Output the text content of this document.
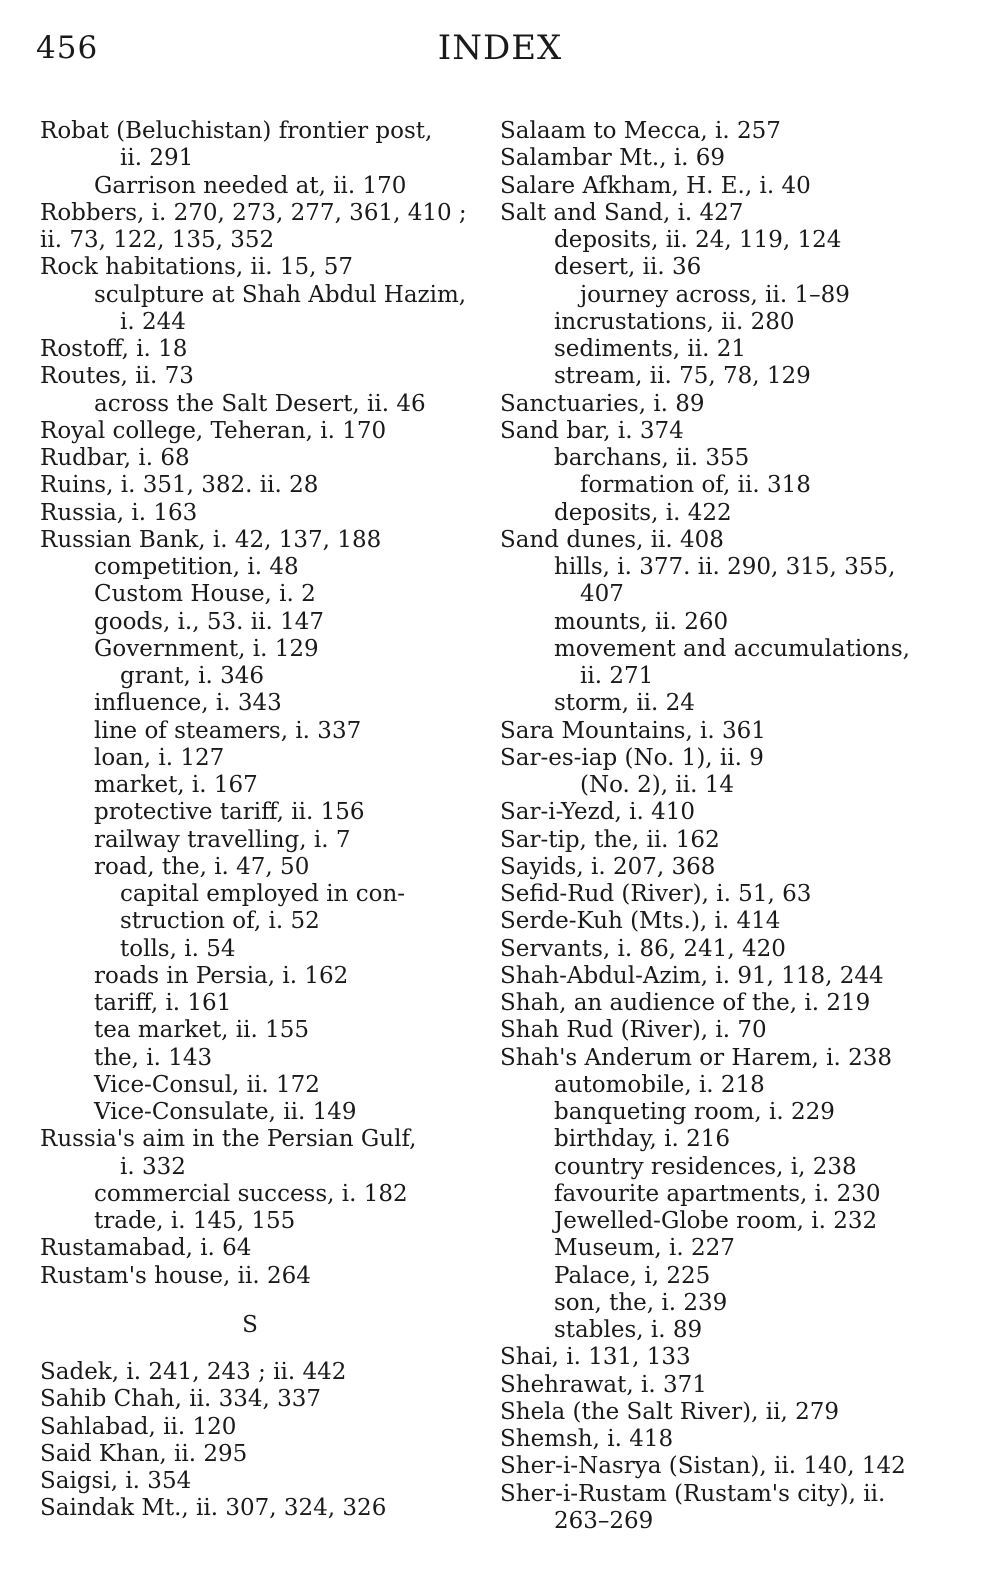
456	INDEX
Robat (Beluchistan) frontier post,
ii. 291
Garrison needed at, ii. 170
Robbers, i. 270, 273, 277, 361, 410 ;
ii. 73, 122, 135, 352
Rock habitations, ii. 15, 57
sculpture at Shah Abdul Hazim,
i. 244
Rostoff, i. 18
Routes, ii. 73
across the Salt Desert, ii. 46
Royal college, Teheran, i. 170
Rudbar, i. 68
Ruins, i. 351, 382. ii. 28
Russia, i. 163
Russian Bank, i. 42, 137, 188
competition, i. 48
Custom House, i. 2
goods, i., 53. ii. 147
Government, i. 129
grant, i. 346
influence, i. 343
line of steamers, i. 337
loan, i. 127
market, i. 167
protective tariff, ii. 156
railway travelling, i. 7
road, the, i. 47, 50
capital employed in con-
struction of, i. 52
tolls, i. 54
roads in Persia, i. 162
tariff, i. 161
tea market, ii. 155
the, i. 143
Vice-Consul, ii. 172
Vice-Consulate, ii. 149
Russia's aim in the Persian Gulf,
i. 332
commercial success, i. 182
trade, i. 145, 155
Rustamabad, i. 64
Rustam's house, ii. 264
S
Sadek, i. 241, 243 ; ii. 442
Sahib Chah, ii. 334, 337
Sahlabad, ii. 120
Said Khan, ii. 295
Saigsi, i. 354
Saindak Mt., ii. 307, 324, 326
Salaam to Mecca, i. 257
Salambar Mt., i. 69
Salare Afkham, H. E., i. 40
Salt and Sand, i. 427
deposits, ii. 24, 119, 124
desert, ii. 36
journey across, ii. 1–89
incrustations, ii. 280
sediments, ii. 21
stream, ii. 75, 78, 129
Sanctuaries, i. 89
Sand bar, i. 374
barchans, ii. 355
formation of, ii. 318
deposits, i. 422
Sand dunes, ii. 408
hills, i. 377. ii. 290, 315, 355,
407
mounts, ii. 260
movement and accumulations,
ii. 271
storm, ii. 24
Sara Mountains, i. 361
Sar-es-iap (No. 1), ii. 9
(No. 2), ii. 14
Sar-i-Yezd, i. 410
Sar-tip, the, ii. 162
Sayids, i. 207, 368
Sefid-Rud (River), i. 51, 63
Serde-Kuh (Mts.), i. 414
Servants, i. 86, 241, 420
Shah-Abdul-Azim, i. 91, 118, 244
Shah, an audience of the, i. 219
Shah Rud (River), i. 70
Shah's Anderum or Harem, i. 238
automobile, i. 218
banqueting room, i. 229
birthday, i. 216
country residences, i, 238
favourite apartments, i. 230
Jewelled-Globe room, i. 232
Museum, i. 227
Palace, i, 225
son, the, i. 239
stables, i. 89
Shai, i. 131, 133
Shehrawat, i. 371
Shela (the Salt River), ii, 279
Shemsh, i. 418
Sher-i-Nasrya (Sistan), ii. 140, 142
Sher-i-Rustam (Rustam's city), ii.
263–269
